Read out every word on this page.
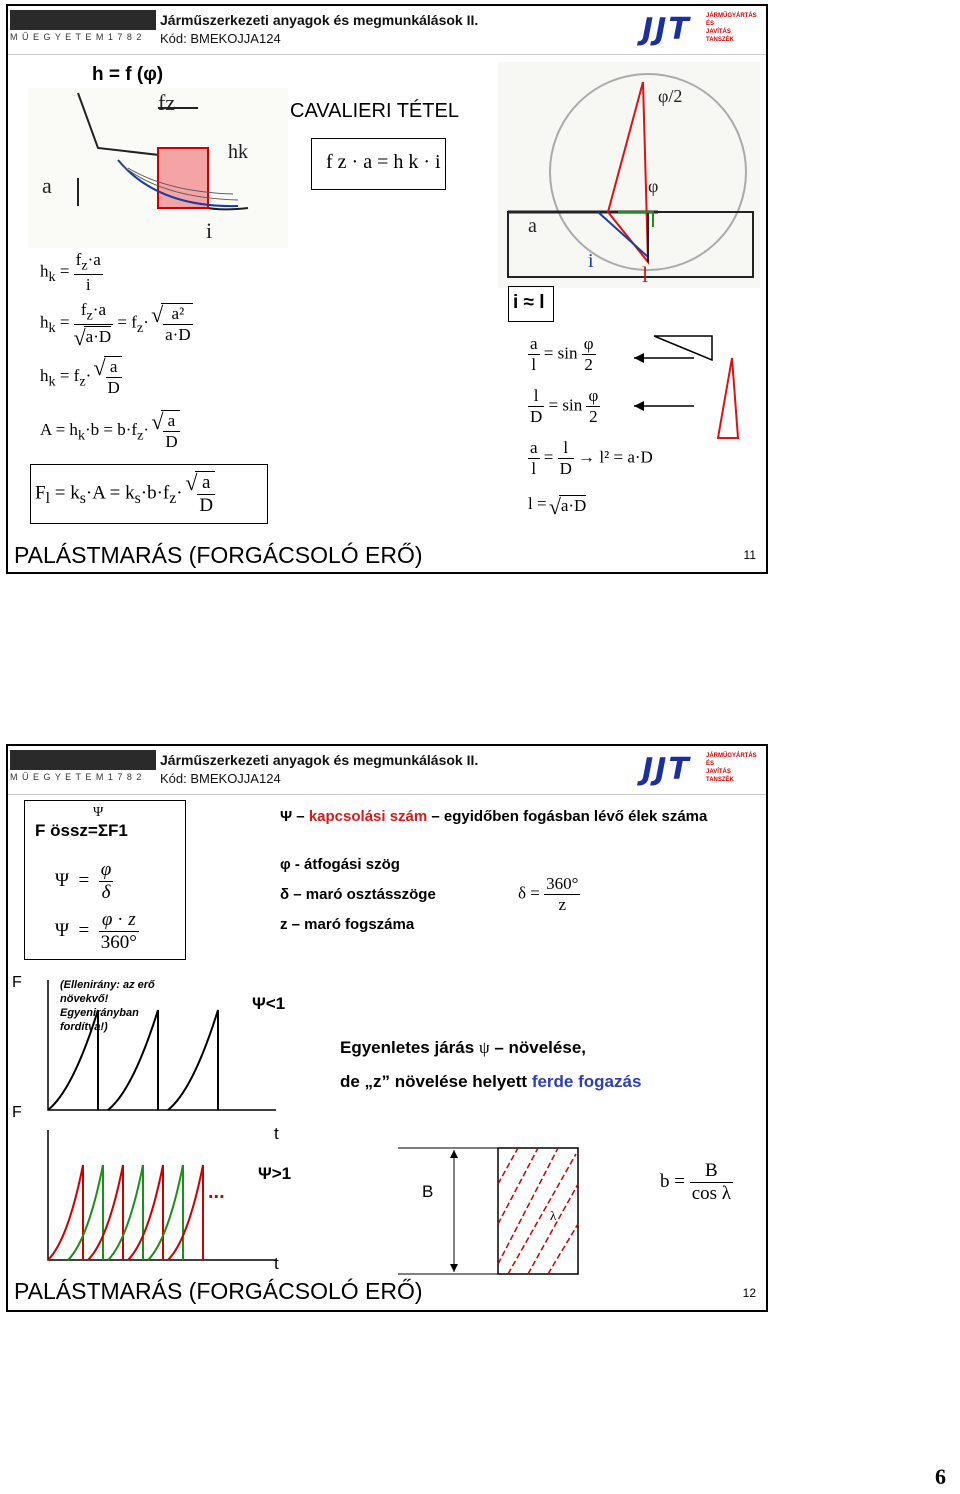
M Ű E G Y E T E M 1 7 8 2
Járműszerkezeti anyagok és megmunkálások II.
Kód: BMEKOJJA124	JJT	JÁRMŰGYÁRTÁS ÉS
JAVÍTÁS
TANSZÉK
h = f (φ)
CAVALIERI TÉTEL
f z · a = h k · i
fz
hk
a
i
φ/2
φ
a
i
l
i ≈ l
$h_k = \frac{f_z\cdot a}{i}$
$h_k = f_z\cdot a$
√ $a\cdot D = f_z\cdot$ √ $\frac{\text{a²}}{a\cdot D}$
$h_k = f_z\cdot$ √ $\frac{a}{D}$
$A = h_k\cdot b = b\cdot f_z\cdot$ √ $\frac{a}{D}$
$F_l = k_s\cdot A = k_s\cdot b\cdot f_z\cdot$ √ $\frac{a}{D}$
$\frac{a}{l} = \sin \frac{\varphi}{2}$
$\frac{l}{D} = \sin \frac{\varphi}{2}$
$\frac{a}{l} = \frac{l}{D} \to l^2 = a\cdot D$
l = √ a·D
PALÁSTMARÁS (FORGÁCSOLÓ ERŐ)	11
M Ű E G Y E T E M 1 7 8 2
Járműszerkezeti anyagok és megmunkálások II.
Kód: BMEKOJJA124	JJT	JÁRMŰGYÁRTÁS ÉS
JAVÍTÁS
TANSZÉK
Ψ
F össz=ΣF1
$\Psi = \frac{\varphi}{\delta}$
$\Psi = \frac{\varphi \cdot z}{360^\circ}$
Ψ – kapcsolási szám – egyidőben fogásban lévő élek száma
φ - átfogási szög
δ – maró osztásszöge
z – maró fogszáma
$\delta = \frac{360^\circ}{z}$
F
F
(Ellenirány: az erő növekvő! Egyenirányban fordítva!)
Ψ<1
Ψ>1
t
t
...
Egyenletes járás ψ – növelése,
de „z” növelése helyett ferde fogazás
B
λ
$b = \frac{B}{\text{cos λ}}$
PALÁSTMARÁS (FORGÁCSOLÓ ERŐ)	12
6
